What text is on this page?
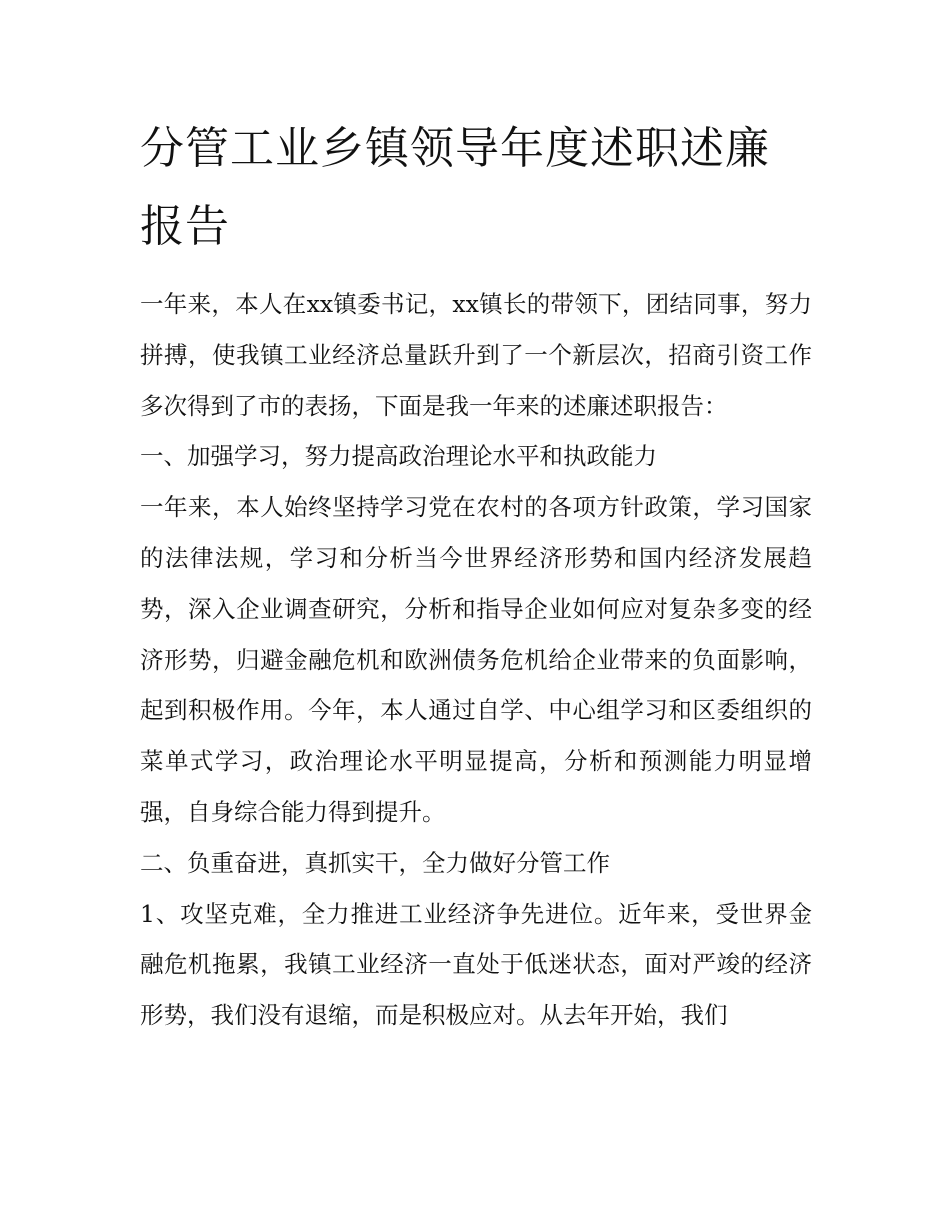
分管工业乡镇领导年度述职述廉报告

一年来，本人在xx镇委书记，xx镇长的带领下，团结同事，努力拼搏，使我镇工业经济总量跃升到了一个新层次，招商引资工作多次得到了市的表扬，下面是我一年来的述廉述职报告：

一、加强学习，努力提高政治理论水平和执政能力

一年来，本人始终坚持学习党在农村的各项方针政策，学习国家的法律法规，学习和分析当今世界经济形势和国内经济发展趋势，深入企业调查研究，分析和指导企业如何应对复杂多变的经济形势，归避金融危机和欧洲债务危机给企业带来的负面影响，起到积极作用。今年，本人通过自学、中心组学习和区委组织的菜单式学习，政治理论水平明显提高，分析和预测能力明显增强，自身综合能力得到提升。

二、负重奋进，真抓实干，全力做好分管工作

1、攻坚克难，全力推进工业经济争先进位。近年来，受世界金融危机拖累，我镇工业经济一直处于低迷状态，面对严竣的经济形势，我们没有退缩，而是积极应对。从去年开始，我们
